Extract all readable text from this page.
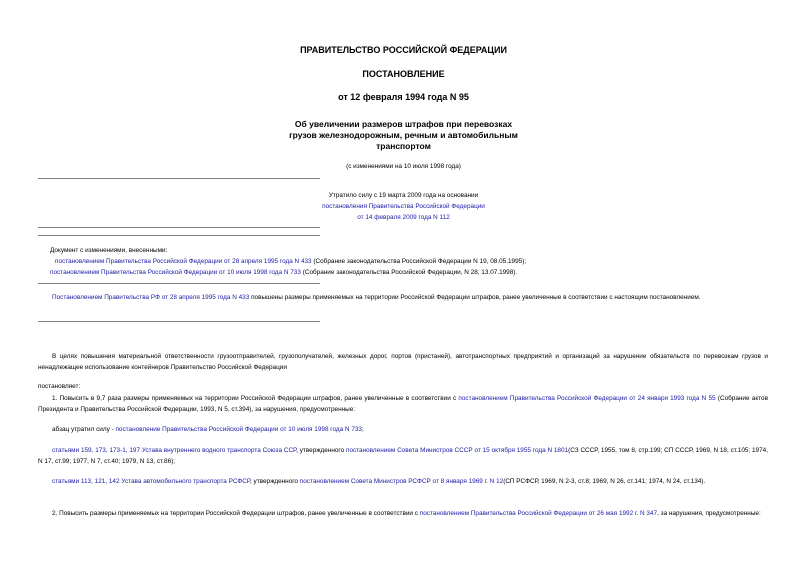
ПРАВИТЕЛЬСТВО РОССИЙСКОЙ ФЕДЕРАЦИИ
ПОСТАНОВЛЕНИЕ
от 12 февраля 1994 года N 95
Об увеличении размеров штрафов при перевозках
грузов железнодорожным, речным и автомобильным
транспортом
(с изменениями на 10 июля 1998 года)
Утратило силу с 19 марта 2009 года на основании
постановления Правительства Российской Федерации
от 14 февраля 2009 года N 112
Документ с изменениями, внесенными:
постановлением Правительства Российской Федерации от 28 апреля 1995 года N 433 (Собрание законодательства Российской Федерации N 19, 08.05.1995);
постановлением Правительства Российской Федерации от 10 июля 1998 года N 733 (Собрание законодательства Российской Федерации, N 28, 13.07.1998).
Постановлением Правительства РФ от 28 апреля 1995 года N 433 повышены размеры применяемых на территории Российской Федерации штрафов, ранее увеличенные в соответствии с настоящим постановлением.
В целях повышения материальной ответственности грузоотправителей, грузополучателей, железных дорог, портов (пристаней), автотранспортных предприятий и организаций за нарушение обязательств по перевозкам грузов и ненадлежащее использование контейнеров Правительство Российской Федерации
постановляет:
1. Повысить в 9,7 раза размеры применяемых на территории Российской Федерации штрафов, ранее увеличенные в соответствии с постановлением Правительства Российской Федерации от 24 января 1993 года N 55 (Собрание актов Президента и Правительства Российской Федерации, 1993, N 5, ст.394), за нарушения, предусмотренные:
абзац утратил силу - постановление Правительства Российской Федерации от 10 июля 1998 года N 733;
статьями 159, 173, 173-1, 197 Устава внутреннего водного транспорта Союза ССР, утвержденного постановлением Совета Министров СССР от 15 октября 1955 года N 1801(СЗ СССР, 1955, том 8, стр.199; СП СССР, 1969, N 18, ст.105; 1974, N 17, ст.99; 1977, N 7, ст.40; 1979, N 13, ст.86);
статьями 113, 121, 142 Устава автомобильного транспорта РСФСР, утвержденного постановлением Совета Министров РСФСР от 8 января 1969 г. N 12(СП РСФСР, 1969, N 2-3, ст.8; 1969, N 26, ст.141; 1974, N 24, ст.134).
2. Повысить размеры применяемых на территории Российской Федерации штрафов, ранее увеличенные в соответствии с постановлением Правительства Российской Федерации от 26 мая 1992 г. N 347, за нарушения, предусмотренные:
